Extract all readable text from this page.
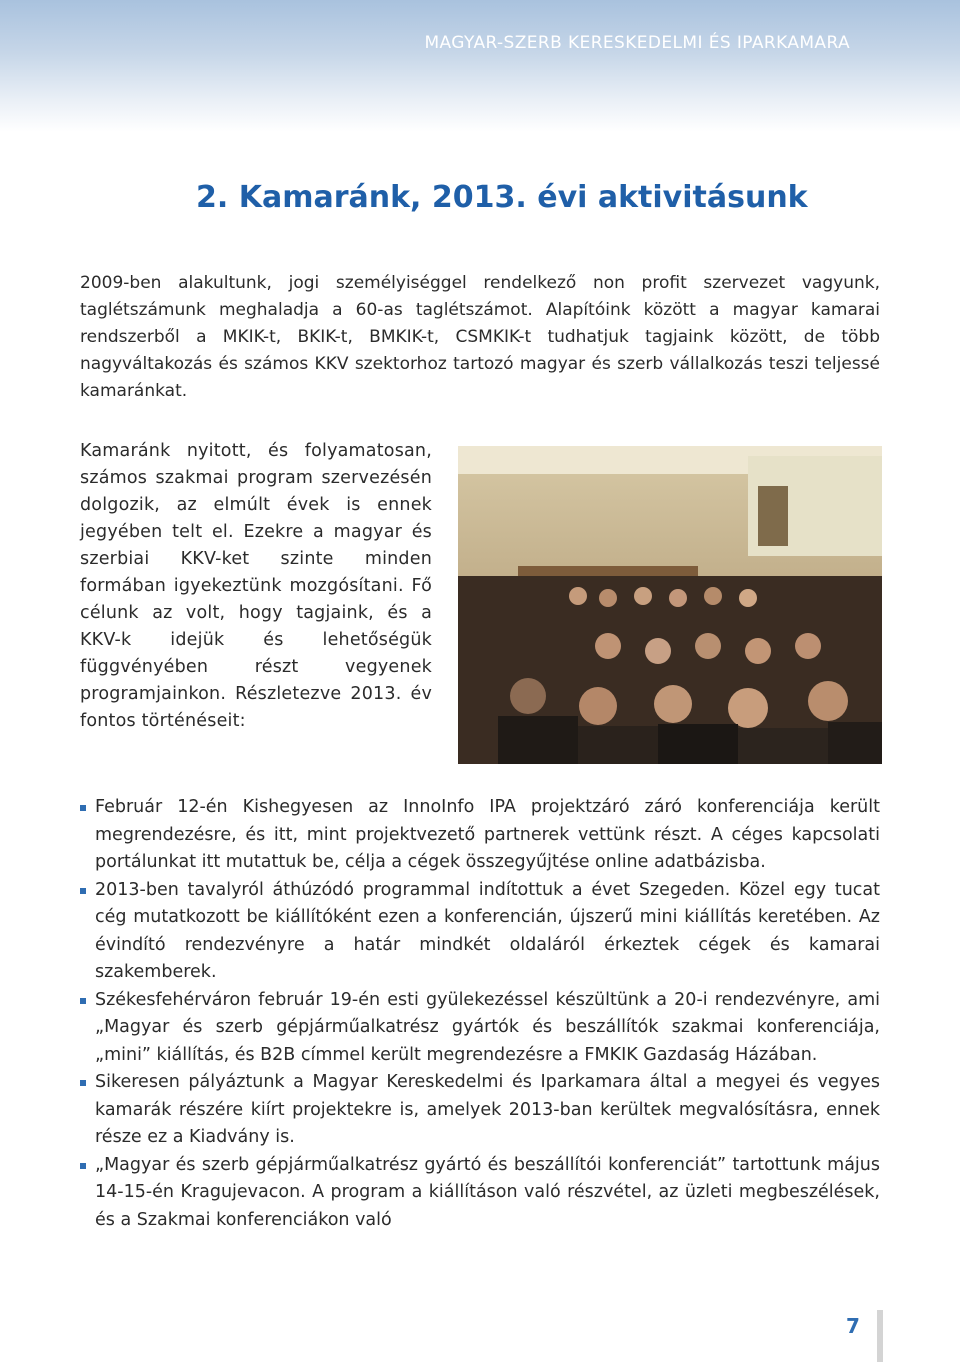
MAGYAR-SZERB KERESKEDELMI ÉS IPARKAMARA
2. Kamaránk, 2013. évi aktivitásunk

2009-ben alakultunk, jogi személyiséggel rendelkező non profit szervezet vagyunk, taglétszámunk meghaladja a 60-as taglétszámot. Alapítóink között a magyar kamarai rendszerből a MKIK-t, BKIK-t, BMKIK-t, CSMKIK-t tudhatjuk tagjaink között, de több nagyváltakozás és számos KKV szektorhoz tartozó magyar és szerb vállalkozás teszi teljessé kamaránkat.

Kamaránk nyitott, és folyamatosan, számos szakmai program szervezésén dolgozik, az elmúlt évek is ennek jegyében telt el. Ezekre a magyar és szerbiai KKV-ket szinte minden formában igyekeztünk mozgósítani. Fő célunk az volt, hogy tagjaink, és a KKV-k idejük és lehetőségük függvényében részt vegyenek programjainkon. Részletezve 2013. év fontos történéseit:

Február 12-én Kishegyesen az InnoInfo IPA projektzáró záró konferenciája került megrendezésre, és itt, mint projektvezető partnerek vettünk részt. A céges kapcsolati portálunkat itt mutattuk be, célja a cégek összegyűjtése online adatbázisba.
2013-ben tavalyról áthúzódó programmal indítottuk a évet Szegeden. Közel egy tucat cég mutatkozott be kiállítóként ezen a konferencián, újszerű mini kiállítás keretében. Az évindító rendezvényre a határ mindkét oldaláról érkeztek cégek és kamarai szakemberek.
Székesfehérváron február 19-én esti gyülekezéssel készültünk a 20-i rendezvényre, ami „Magyar és szerb gépjárműalkatrész gyártók és beszállítók szakmai konferenciája, „mini” kiállítás, és B2B címmel került megrendezésre a FMKIK Gazdaság Házában.
Sikeresen pályáztunk a Magyar Kereskedelmi és Iparkamara által a megyei és vegyes kamarák részére kiírt projektekre is, amelyek 2013-ban kerültek megvalósításra, ennek része ez a Kiadvány is.
„Magyar és szerb gépjárműalkatrész gyártó és beszállítói konferenciát” tartottunk május 14-15-én Kragujevacon. A program a kiállításon való részvétel, az üzleti megbeszélések, és a Szakmai konferenciákon való
7
